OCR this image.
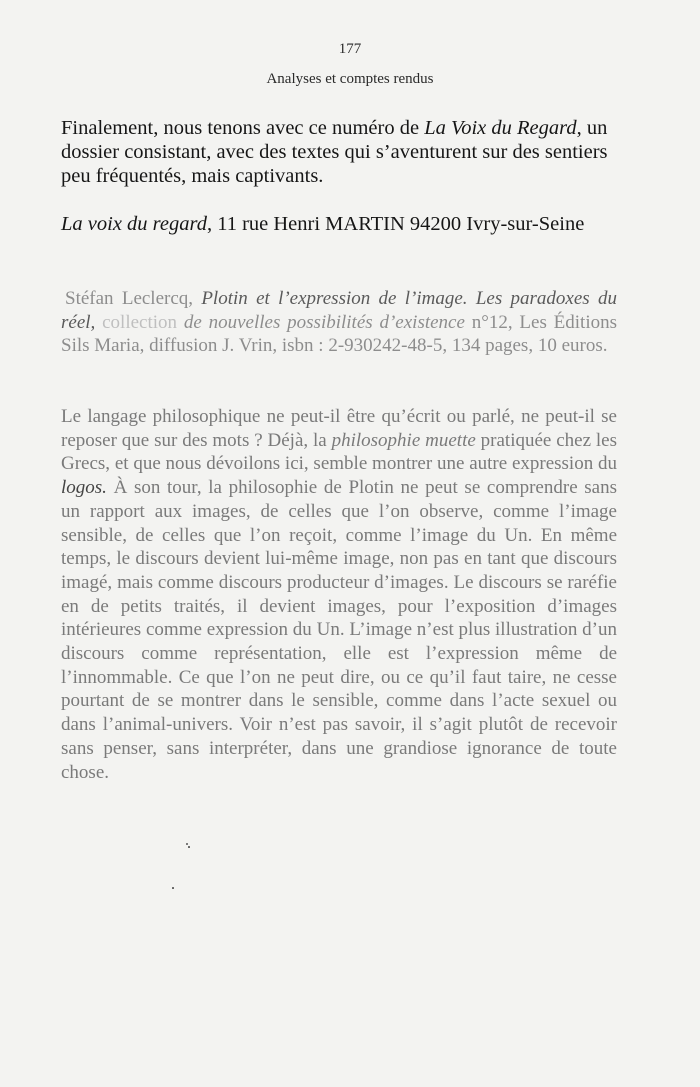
177
Analyses et comptes rendus

Finalement, nous tenons avec ce numéro de La Voix du Regard, un dossier consistant, avec des textes qui s’aventurent sur des sentiers peu fréquentés, mais captivants.

La voix du regard, 11 rue Henri MARTIN 94200 Ivry-sur-Seine

Stéfan Leclercq, Plotin et l’expression de l’image. Les paradoxes du réel, collection de nouvelles possibilités d’existence n°12, Les Éditions Sils Maria, diffusion J. Vrin, isbn : 2-930242-48-5, 134 pages, 10 euros.

Le langage philosophique ne peut-il être qu’écrit ou parlé, ne peut-il se reposer que sur des mots ? Déjà, la philosophie muette pratiquée chez les Grecs, et que nous dévoilons ici, semble montrer une autre expression du logos. À son tour, la philosophie de Plotin ne peut se comprendre sans un rapport aux images, de celles que l’on observe, comme l’image sensible, de celles que l’on reçoit, comme l’image du Un. En même temps, le discours devient lui-même image, non pas en tant que discours imagé, mais comme discours producteur d’images. Le discours se raréfie en de petits traités, il devient images, pour l’exposition d’images intérieures comme expression du Un. L’image n’est plus illustration d’un discours comme représentation, elle est l’expression même de l’innommable. Ce que l’on ne peut dire, ou ce qu’il faut taire, ne cesse pourtant de se montrer dans le sensible, comme dans l’acte sexuel ou dans l’animal-univers. Voir n’est pas savoir, il s’agit plutôt de recevoir sans penser, sans interpréter, dans une grandiose ignorance de toute chose.
